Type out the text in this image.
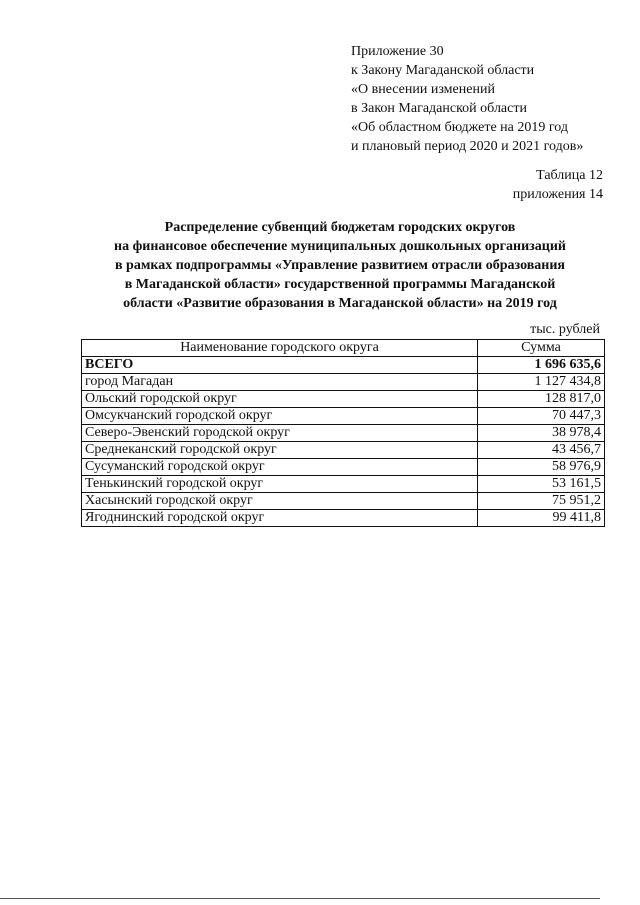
Приложение 30
к Закону Магаданской области
«О внесении изменений
в Закон Магаданской области
«Об областном бюджете на 2019 год
и плановый период 2020 и 2021 годов»
Таблица 12
приложения 14
Распределение субвенций бюджетам городских округов
на финансовое обеспечение муниципальных дошкольных организаций
в рамках подпрограммы «Управление развитием отрасли образования
в Магаданской области» государственной программы Магаданской
области «Развитие образования в Магаданской области» на 2019 год
тыс. рублей
Наименование городского округа	Сумма
ВСЕГО	1 696 635,6
город Магадан	1 127 434,8
Ольский городской округ	128 817,0
Омсукчанский городской округ	70 447,3
Северо-Эвенский городской округ	38 978,4
Среднеканский городской округ	43 456,7
Сусуманский городской округ	58 976,9
Тенькинский городской округ	53 161,5
Хасынский городской округ	75 951,2
Ягоднинский городской округ	99 411,8
